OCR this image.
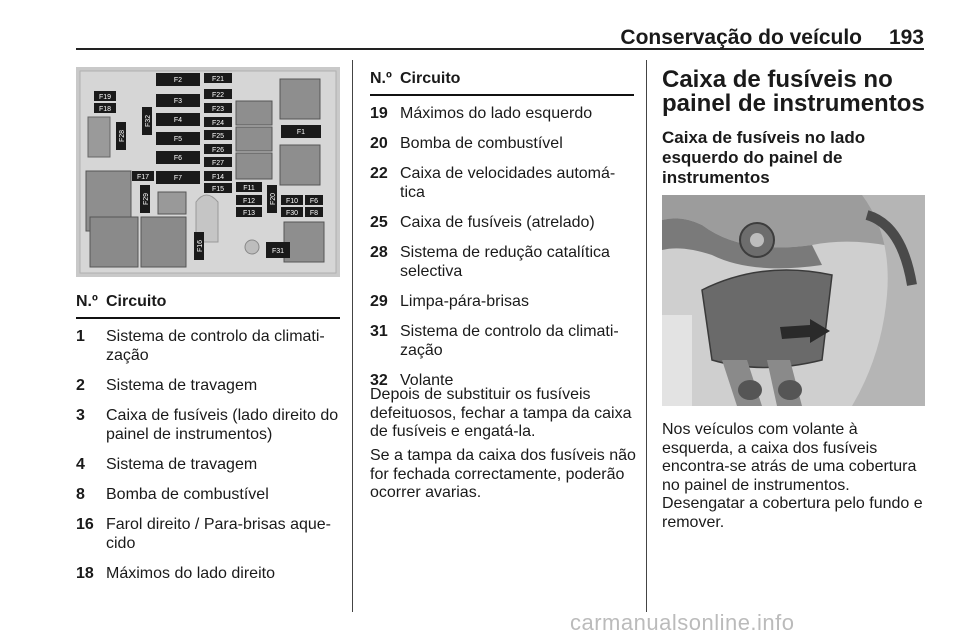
Conservação do veículo 193
F2
F3
F4
F5
F6
F7
F21
F22
F23
F24
F25
F26
F27
F14
F15
F19
F18
F17
F1
F11
F12
F13
F10
F30
F6
F8
F31
F28
F32
F29	F20
F16
N.º Circuito
1	Sistema de controlo da climati-
zação
2	Sistema de travagem
3	Caixa de fusíveis (lado direito do
painel de instrumentos)
4	Sistema de travagem
8	Bomba de combustível
16 Farol direito / Para-brisas aque-
cido
18 Máximos do lado direito
N.º Circuito
19 Máximos do lado esquerdo
20 Bomba de combustível
22 Caixa de velocidades automá-
tica
25 Caixa de fusíveis (atrelado)
28 Sistema de redução catalítica
selectiva
29 Limpa-pára-brisas
31 Sistema de controlo da climati-
zação
32 Volante
Depois de substituir os fusíveis defeituosos, fechar a tampa da caixa de fusíveis e engatá-la.
Se a tampa da caixa dos fusíveis não for fechada correctamente, poderão ocorrer avarias.
Caixa de fusíveis no painel de instrumentos
Caixa de fusíveis no lado esquerdo do painel de instrumentos
Nos veículos com volante à esquerda, a caixa dos fusíveis encontra-se atrás de uma cobertura no painel de instrumentos. Desengatar a cobertura pelo fundo e remover.
carmanualsonline.info
